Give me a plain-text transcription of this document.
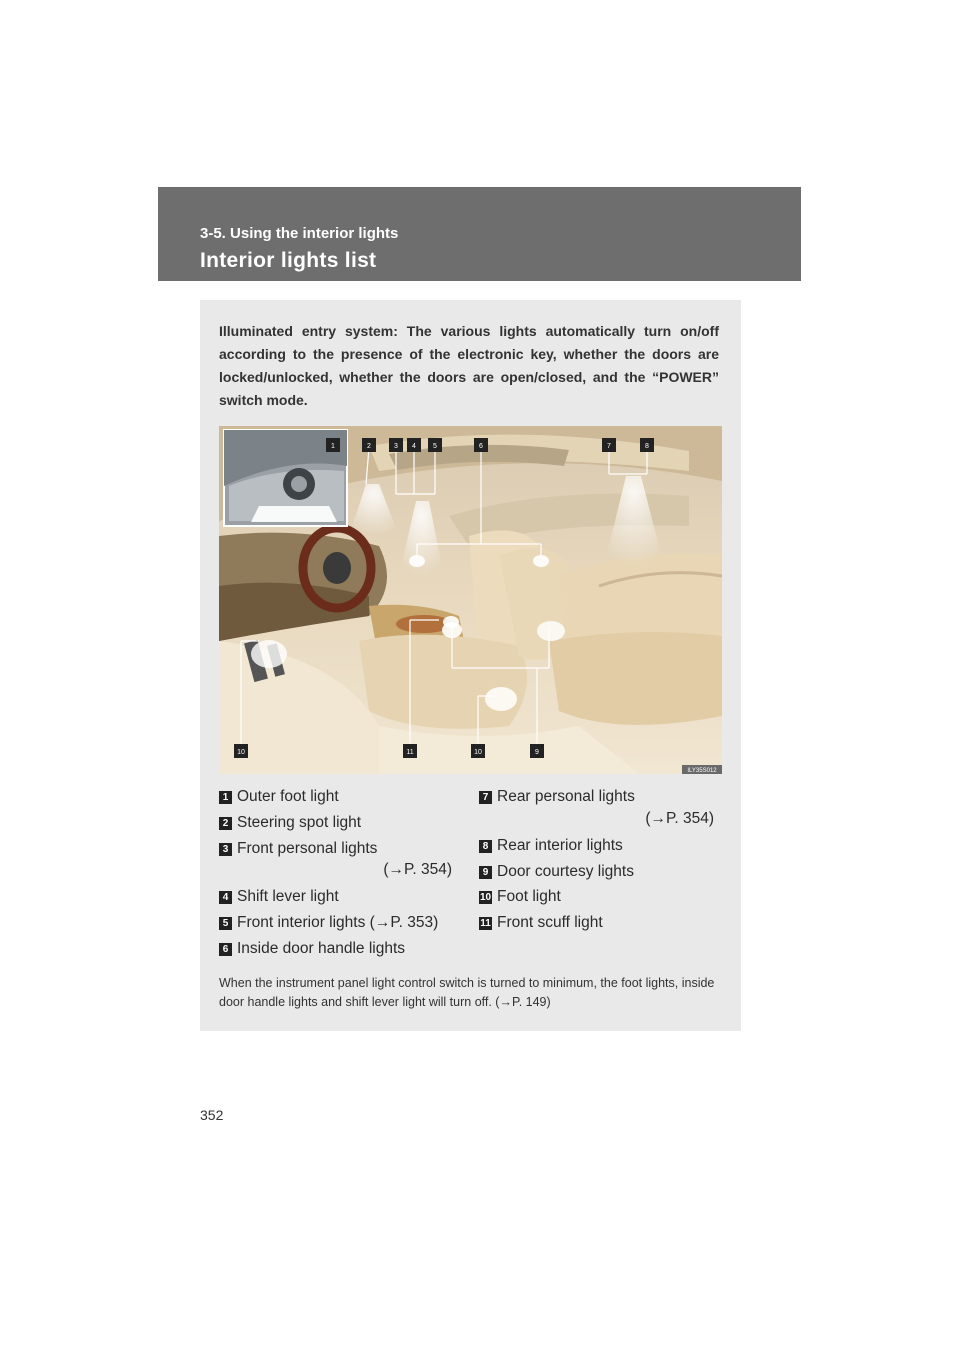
3-5. Using the interior lights
Interior lights list
Illuminated entry system: The various lights automatically turn on/off according to the presence of the electronic key, whether the doors are locked/unlocked, whether the doors are open/closed, and the “POWER” switch mode.
1	2	3 4 5	6	7	8
9
10	11	10
ILY35S012
1 Outer foot light
2 Steering spot light
3 Front personal lights
(→P. 354)
4 Shift lever light
5 Front interior lights (→P. 353)
6 Inside door handle lights
7 Rear personal lights
(→P. 354)
8 Rear interior lights
9 Door courtesy lights
10 Foot light
11 Front scuff light
When the instrument panel light control switch is turned to minimum, the foot lights, inside door handle lights and shift lever light will turn off. (→P. 149)
352
